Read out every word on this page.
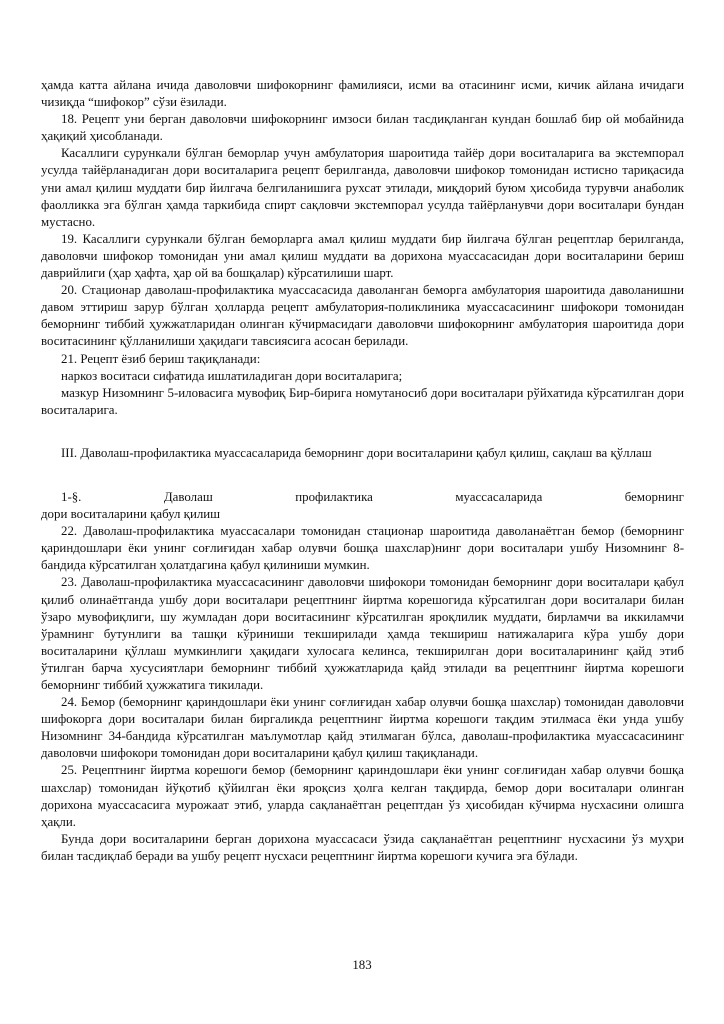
ҳамда катта айлана ичида даволовчи шифокорнинг фамилияси, исми ва отасининг исми, кичик айлана ичидаги чизиқда “шифокор” сўзи ёзилади.

18. Рецепт уни берган даволовчи шифокорнинг имзоси билан тасдиқланган кундан бошлаб бир ой мобайнида ҳақиқий ҳисобланади.

Касаллиги сурункали бўлган беморлар учун амбулатория шароитида тайёр дори воситаларига ва экстемпорал усулда тайёрланадиган дори воситаларига рецепт берилганда, даволовчи шифокор томонидан истисно тариқасида уни амал қилиш муддати бир йилгача белгиланишига рухсат этилади, миқдорий буюм ҳисобида турувчи анаболик фаолликка эга бўлган ҳамда таркибида спирт сақловчи экстемпорал усулда тайёрланувчи дори воситалари бундан мустасно.

19. Касаллиги сурункали бўлган беморларга амал қилиш муддати бир йилгача бўлган рецептлар берилганда, даволовчи шифокор томонидан уни амал қилиш муддати ва дорихона муассасасидан дори воситаларини бериш даврийлиги (ҳар ҳафта, ҳар ой ва бошқалар) кўрсатилиши шарт.

20. Стационар даволаш-профилактика муассасасида даволанган беморга амбулатория шароитида даволанишни давом эттириш зарур бўлган ҳолларда рецепт амбулатория-поликлиника муассасасининг шифокори томонидан беморнинг тиббий ҳужжатларидан олинган кўчирмасидаги даволовчи шифокорнинг амбулатория шароитида дори воситасининг қўлланилиши ҳақидаги тавсиясига асосан берилади.

21. Рецепт ёзиб бериш тақиқланади:

наркоз воситаси сифатида ишлатиладиган дори воситаларига;

мазкур Низомнинг 5-иловасига мувофиқ Бир-бирига номутаносиб дори воситалари рўйхатида кўрсатилган дори воситаларига.

III. Даволаш-профилактика муассасаларида беморнинг дори воситаларини қабул қилиш, сақлаш ва қўллаш

1-§.	Даволаш	профилактика	муассасаларида	беморнинг

дори воситаларини қабул қилиш

22. Даволаш-профилактика муассасалари томонидан стационар шароитида даволанаётган бемор (беморнинг қариндошлари ёки унинг соғлиғидан хабар олувчи бошқа шахслар)нинг дори воситалари ушбу Низомнинг 8-бандида кўрсатилган ҳолатдагина қабул қилиниши мумкин.

23. Даволаш-профилактика муассасасининг даволовчи шифокори томонидан беморнинг дори воситалари қабул қилиб олинаётганда ушбу дори воситалари рецептнинг йиртма корешогида кўрсатилган дори воситалари билан ўзаро мувофиқлиги, шу жумладан дори воситасининг кўрсатилган яроқлилик муддати, бирламчи ва иккиламчи ўрамнинг бутунлиги ва ташқи кўриниши текширилади ҳамда текшириш натижаларига кўра ушбу дори воситаларини қўллаш мумкинлиги ҳақидаги хулосага келинса, текширилган дори воситаларининг қайд этиб ўтилган барча хусусиятлари беморнинг тиббий ҳужжатларида қайд этилади ва рецептнинг йиртма корешоги беморнинг тиббий ҳужжатига тикилади.

24. Бемор (беморнинг қариндошлари ёки унинг соғлиғидан хабар олувчи бошқа шахслар) томонидан даволовчи шифокорга дори воситалари билан биргаликда рецептнинг йиртма корешоги тақдим этилмаса ёки унда ушбу Низомнинг 34-бандида кўрсатилган маълумотлар қайд этилмаган бўлса, даволаш-профилактика муассасасининг даволовчи шифокори томонидан дори воситаларини қабул қилиш тақиқланади.

25. Рецептнинг йиртма корешоги бемор (беморнинг қариндошлари ёки унинг соғлиғидан хабар олувчи бошқа шахслар) томонидан йўқотиб қўйилган ёки яроқсиз ҳолга келган тақдирда, бемор дори воситалари олинган дорихона муассасасига мурожаат этиб, уларда сақланаётган рецептдан ўз ҳисобидан кўчирма нусхасини олишга ҳақли.

Бунда дори воситаларини берган дорихона муассасаси ўзида сақланаётган рецептнинг нусхасини ўз муҳри билан тасдиқлаб беради ва ушбу рецепт нусхаси рецептнинг йиртма корешоги кучига эга бўлади.

183
